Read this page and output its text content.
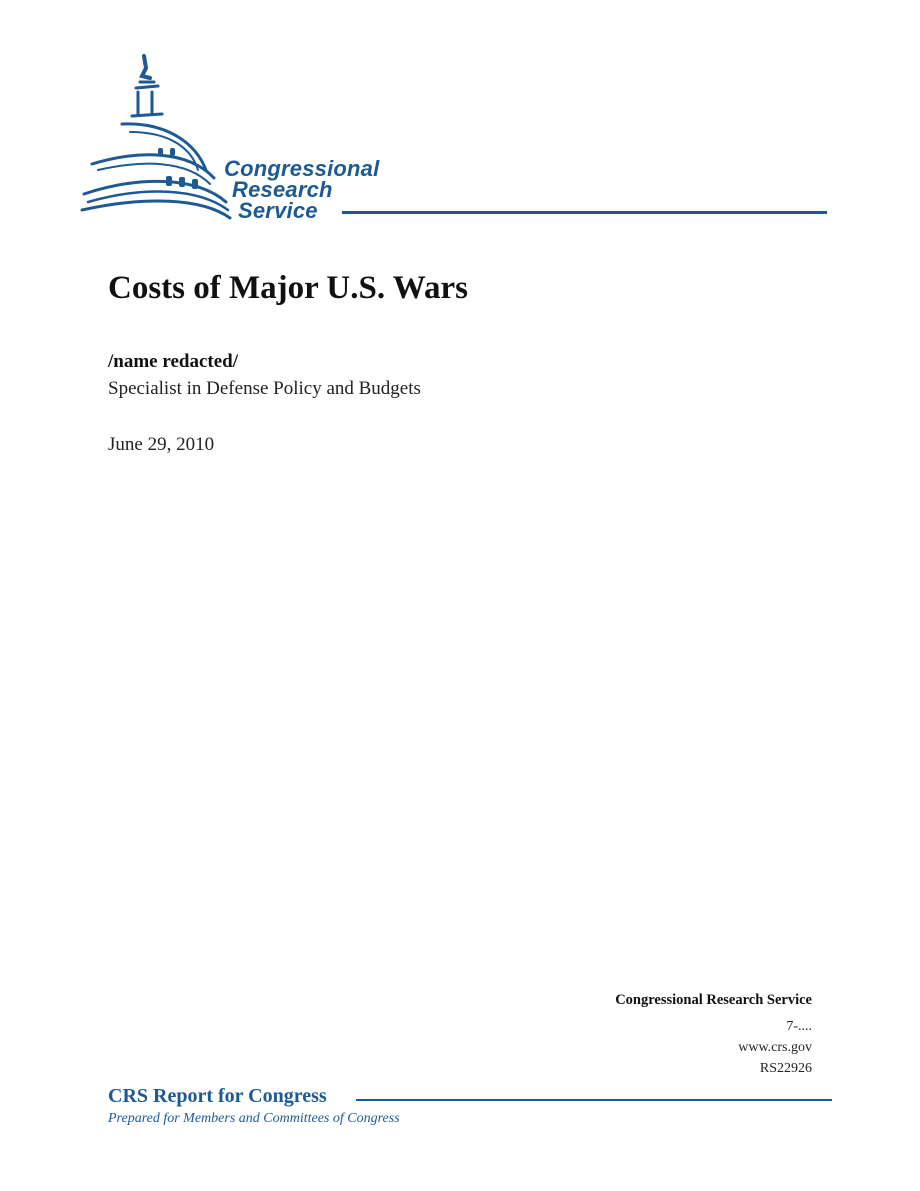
Congressional
Research
Service
Costs of Major U.S. Wars
/name redacted/
Specialist in Defense Policy and Budgets
June 29, 2010
Congressional Research Service
7-....
www.crs.gov
RS22926
CRS Report for Congress
Prepared for Members and Committees of Congress
